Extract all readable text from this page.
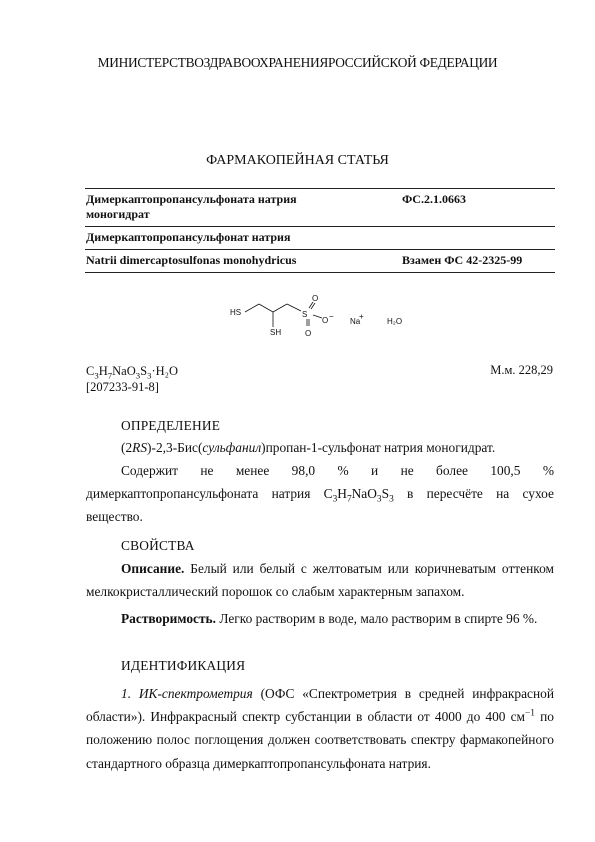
МИНИСТЕРСТВОЗДРАВООХРАНЕНИЯРОССИЙСКОЙ ФЕДЕРАЦИИ
ФАРМАКОПЕЙНАЯ СТАТЬЯ
Димеркаптопропансульфоната натрия
моногидрат
ФС.2.1.0663
Димеркаптопропансульфонат натрия
Natrii dimercaptosulfonas monohydricus	Взамен ФС 42-2325-99
HS
SH
S
O
O −
O
Na
+
H₂O
$C_3H_7NaO_3S_3\cdot H_2O$	М.м. 228,29
[207233-91-8]
ОПРЕДЕЛЕНИЕ
(2RS)-2,3-Бис(сульфанил)пропан-1-сульфонат натрия моногидрат.
Содержит не менее 98,0 % и не более 100,5 %
димеркаптопропансульфоната натрия $C_3H_7NaO_3S_3$ в пересчёте на сухое
вещество.
СВОЙСТВА
Описание. Белый или белый с желтоватым или коричневатым оттенком мелкокристаллический порошок со слабым характерным запахом.
Растворимость. Легко растворим в воде, мало растворим в спирте 96 %.
ИДЕНТИФИКАЦИЯ
1. ИК-спектрометрия (ОФС «Спектрометрия в средней инфракрасной области»). Инфракрасный спектр субстанции в области от 4000 до 400 $см^{-1}$ по положению полос поглощения должен соответствовать спектру фармакопейного стандартного образца димеркаптопропансульфоната натрия.
